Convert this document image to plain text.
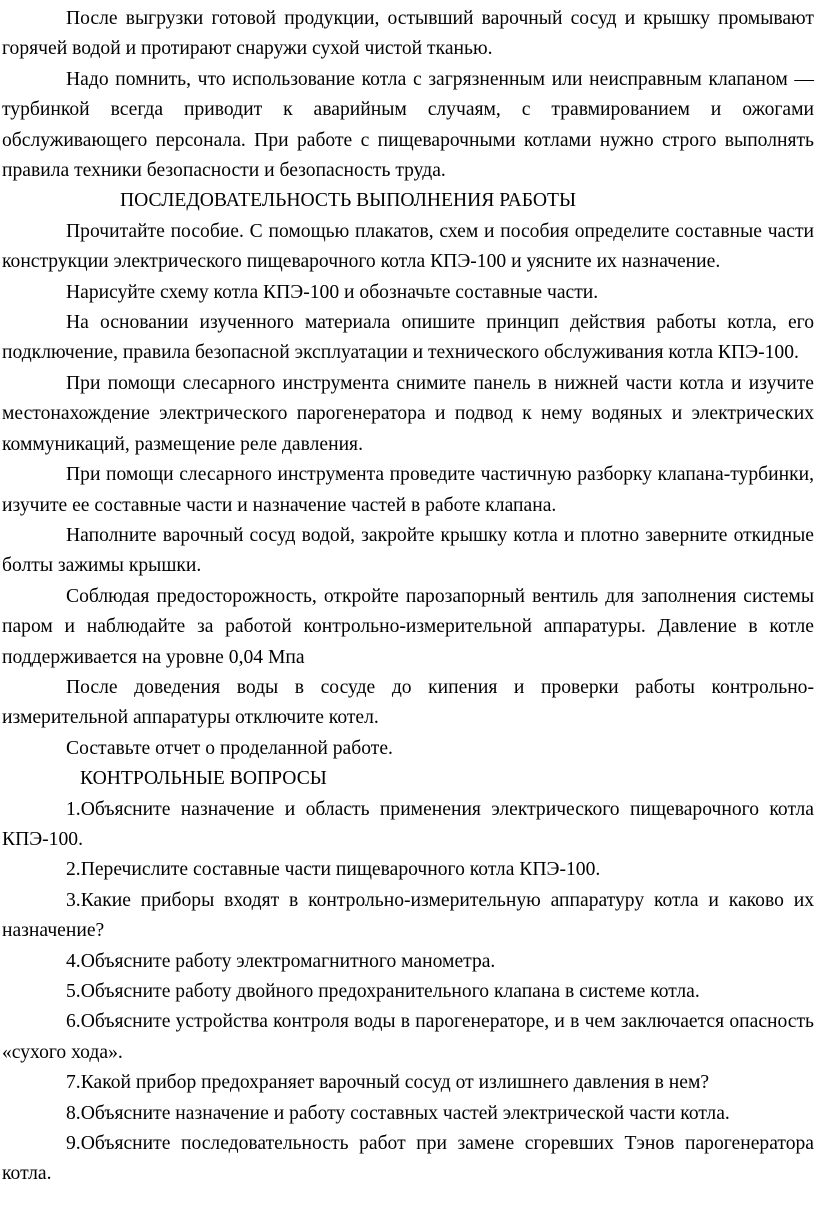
После выгрузки готовой продукции, остывший варочный сосуд и крышку промывают горячей водой и протирают снаружи сухой чистой тканью.

Надо помнить, что использование котла с загрязненным или неисправным клапаном — турбинкой всегда приводит к аварийным случаям, с травмированием и ожогами обслуживающего персонала. При работе с пищеварочными котлами нужно строго выполнять правила техники безопасности и безопасность труда.

ПОСЛЕДОВАТЕЛЬНОСТЬ ВЫПОЛНЕНИЯ РАБОТЫ

Прочитайте пособие. С помощью плакатов, схем и пособия определите составные части конструкции электрического пищеварочного котла КПЭ-100 и уясните их назначение.

Нарисуйте схему котла КПЭ-100 и обозначьте составные части.

На основании изученного материала опишите принцип действия работы котла, его подключение, правила безопасной эксплуатации и технического обслуживания котла КПЭ-100.

При помощи слесарного инструмента снимите панель в нижней части котла и изучите местонахождение электрического парогенератора и подвод к нему водяных и электрических коммуникаций, размещение реле давления.

При помощи слесарного инструмента проведите частичную разборку клапана-турбинки, изучите ее составные части и назначение частей в работе клапана.

Наполните варочный сосуд водой, закройте крышку котла и плотно заверните откидные болты зажимы крышки.

Соблюдая предосторожность, откройте парозапорный вентиль для заполнения системы паром и наблюдайте за работой контрольно-измерительной аппаратуры. Давление в котле поддерживается на уровне 0,04 Мпа

После доведения воды в сосуде до кипения и проверки работы контрольно-измерительной аппаратуры отключите котел.

Составьте отчет о проделанной работе.

КОНТРОЛЬНЫЕ ВОПРОСЫ

1.Объясните назначение и область применения электрического пищеварочного котла КПЭ-100.

2.Перечислите составные части пищеварочного котла КПЭ-100.

3.Какие приборы входят в контрольно-измерительную аппаратуру котла и каково их назначение?

4.Объясните работу электромагнитного манометра.

5.Объясните работу двойного предохранительного клапана в системе котла.

6.Объясните устройства контроля воды в парогенераторе, и в чем заключается опасность «сухого хода».

7.Какой прибор предохраняет варочный сосуд от излишнего давления в нем?

8.Объясните назначение и работу составных частей электрической части котла.

9.Объясните последовательность работ при замене сгоревших Тэнов парогенератора котла.
